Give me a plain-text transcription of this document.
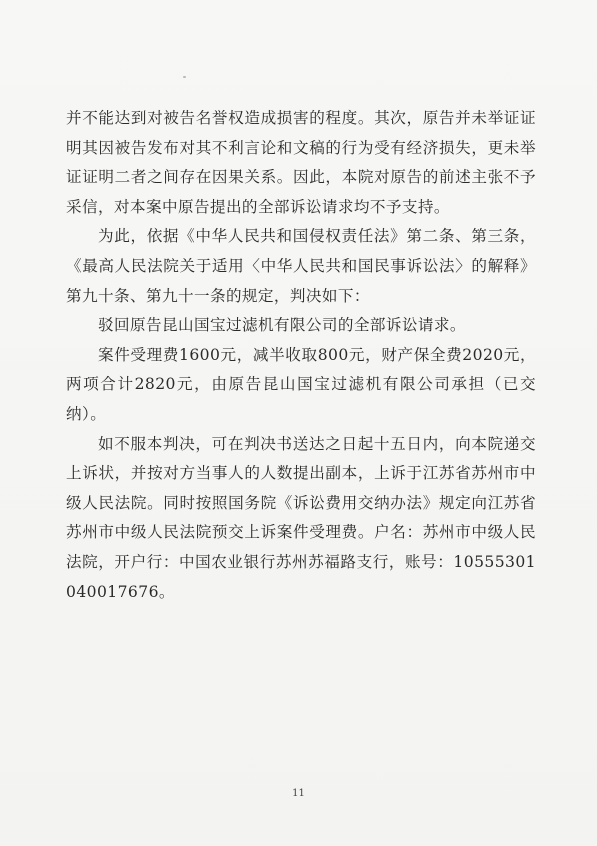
并不能达到对被告名誉权造成损害的程度。其次，原告并未举证证明其因被告发布对其不利言论和文稿的行为受有经济损失，更未举证证明二者之间存在因果关系。因此，本院对原告的前述主张不予采信，对本案中原告提出的全部诉讼请求均不予支持。

为此，依据《中华人民共和国侵权责任法》第二条、第三条，《最高人民法院关于适用〈中华人民共和国民事诉讼法〉的解释》第九十条、第九十一条的规定，判决如下：

驳回原告昆山国宝过滤机有限公司的全部诉讼请求。

案件受理费1600元，减半收取800元，财产保全费2020元，两项合计2820元，由原告昆山国宝过滤机有限公司承担（已交纳）。

如不服本判决，可在判决书送达之日起十五日内，向本院递交上诉状，并按对方当事人的人数提出副本，上诉于江苏省苏州市中级人民法院。同时按照国务院《诉讼费用交纳办法》规定向江苏省苏州市中级人民法院预交上诉案件受理费。户名：苏州市中级人民法院，开户行：中国农业银行苏州苏福路支行，账号：10555301040017676。

11
